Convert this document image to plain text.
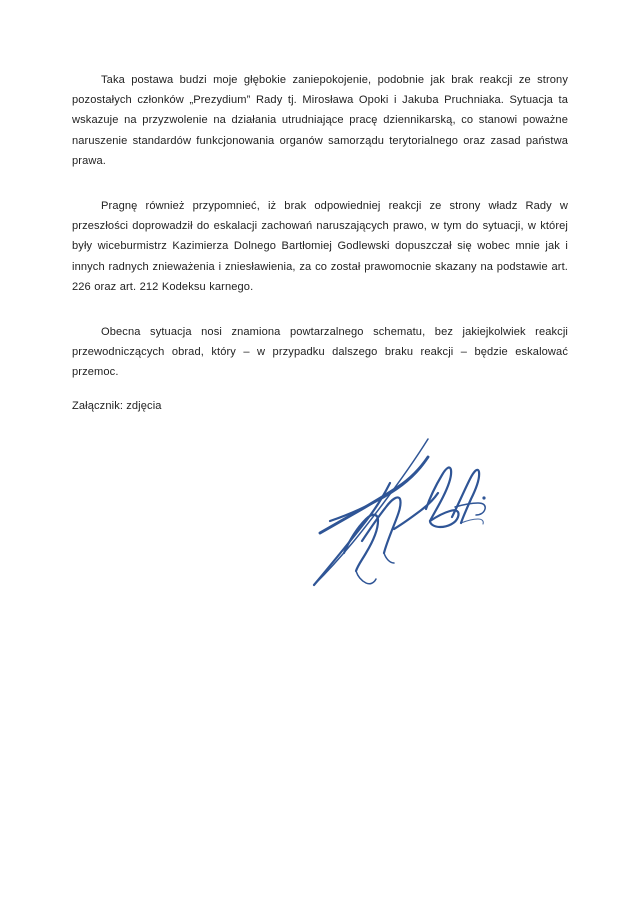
Taka postawa budzi moje głębokie zaniepokojenie, podobnie jak brak reakcji ze strony pozostałych członków „Prezydium” Rady tj. Mirosława Opoki i Jakuba Pruchniaka. Sytuacja ta wskazuje na przyzwolenie na działania utrudniające pracę dziennikarską, co stanowi poważne naruszenie standardów funkcjonowania organów samorządu terytorialnego oraz zasad państwa prawa.

Pragnę również przypomnieć, iż brak odpowiedniej reakcji ze strony władz Rady w przeszłości doprowadził do eskalacji zachowań naruszających prawo, w tym do sytuacji, w której były wiceburmistrz Kazimierza Dolnego Bartłomiej Godlewski dopuszczał się wobec mnie jak i innych radnych znieważenia i zniesławienia, za co został prawomocnie skazany na podstawie art. 226 oraz art. 212 Kodeksu karnego.

Obecna sytuacja nosi znamiona powtarzalnego schematu, bez jakiejkolwiek reakcji przewodniczących obrad, który – w przypadku dalszego braku reakcji – będzie eskalować przemoc.

Załącznik: zdjęcia
